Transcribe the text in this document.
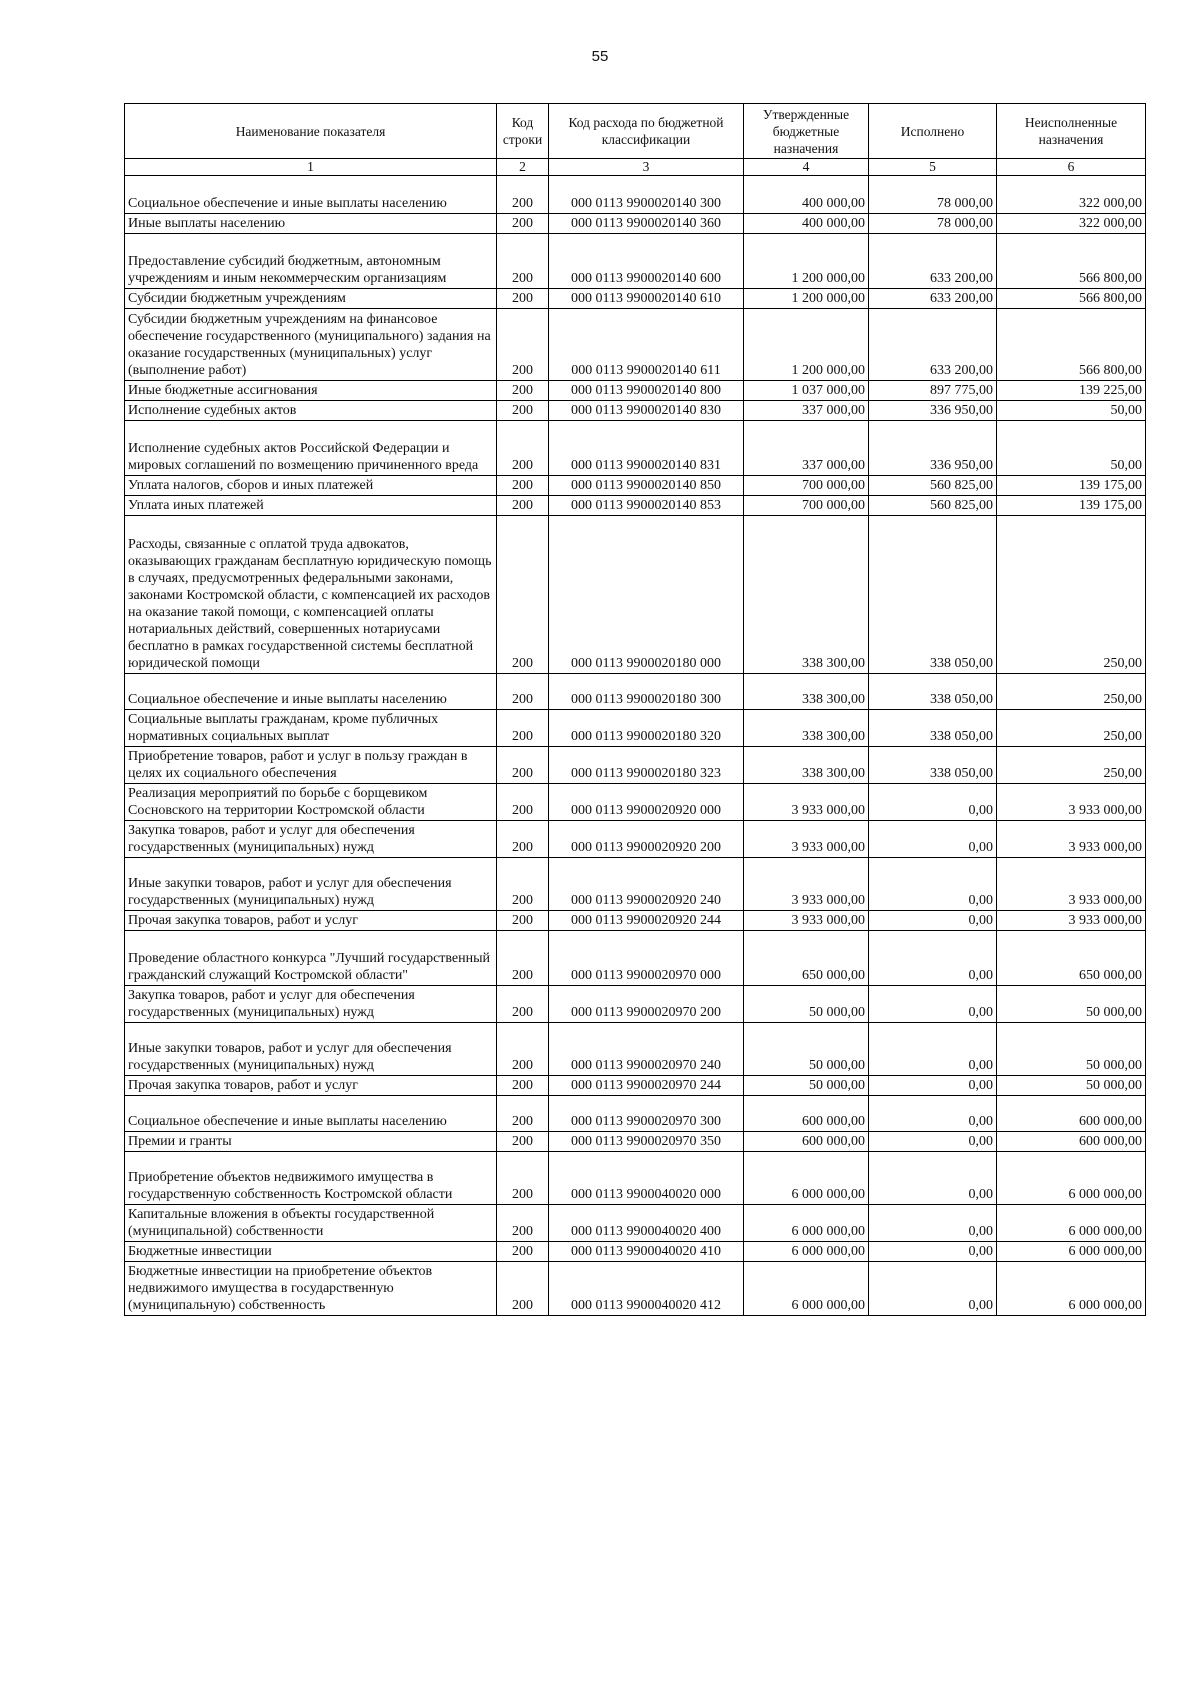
55
Наименование показателя	Код строки	Код расхода по бюджетной классификации	Утвержденные бюджетные назначения	Исполнено	Неисполненные назначения
1	2	3	4	5	6
Социальное обеспечение и иные выплаты населению	200	000 0113 9900020140 300	400 000,00	78 000,00	322 000,00
Иные выплаты населению	200	000 0113 9900020140 360	400 000,00	78 000,00	322 000,00
Предоставление субсидий бюджетным, автономным учреждениям и иным некоммерческим организациям	200	000 0113 9900020140 600	1 200 000,00	633 200,00	566 800,00
Субсидии бюджетным учреждениям	200	000 0113 9900020140 610	1 200 000,00	633 200,00	566 800,00
Субсидии бюджетным учреждениям на финансовое обеспечение государственного (муниципального) задания на оказание государственных (муниципальных) услуг (выполнение работ)	200	000 0113 9900020140 611	1 200 000,00	633 200,00	566 800,00
Иные бюджетные ассигнования	200	000 0113 9900020140 800	1 037 000,00	897 775,00	139 225,00
Исполнение судебных актов	200	000 0113 9900020140 830	337 000,00	336 950,00	50,00
Исполнение судебных актов Российской Федерации и мировых соглашений по возмещению причиненного вреда	200	000 0113 9900020140 831	337 000,00	336 950,00	50,00
Уплата налогов, сборов и иных платежей	200	000 0113 9900020140 850	700 000,00	560 825,00	139 175,00
Уплата иных платежей	200	000 0113 9900020140 853	700 000,00	560 825,00	139 175,00
Расходы, связанные с оплатой труда адвокатов, оказывающих гражданам бесплатную юридическую помощь в случаях, предусмотренных федеральными законами, законами Костромской области, с компенсацией их расходов на оказание такой помощи, с компенсацией оплаты нотариальных действий, совершенных нотариусами бесплатно в рамках государственной системы бесплатной юридической помощи	200	000 0113 9900020180 000	338 300,00	338 050,00	250,00
Социальное обеспечение и иные выплаты населению	200	000 0113 9900020180 300	338 300,00	338 050,00	250,00
Социальные выплаты гражданам, кроме публичных нормативных социальных выплат	200	000 0113 9900020180 320	338 300,00	338 050,00	250,00
Приобретение товаров, работ и услуг в пользу граждан в целях их социального обеспечения	200	000 0113 9900020180 323	338 300,00	338 050,00	250,00
Реализация мероприятий по борьбе с борщевиком Сосновского на территории Костромской области	200	000 0113 9900020920 000	3 933 000,00	0,00	3 933 000,00
Закупка товаров, работ и услуг для обеспечения государственных (муниципальных) нужд	200	000 0113 9900020920 200	3 933 000,00	0,00	3 933 000,00
Иные закупки товаров, работ и услуг для обеспечения государственных (муниципальных) нужд	200	000 0113 9900020920 240	3 933 000,00	0,00	3 933 000,00
Прочая закупка товаров, работ и услуг	200	000 0113 9900020920 244	3 933 000,00	0,00	3 933 000,00
Проведение областного конкурса "Лучший государственный гражданский служащий Костромской области"	200	000 0113 9900020970 000	650 000,00	0,00	650 000,00
Закупка товаров, работ и услуг для обеспечения государственных (муниципальных) нужд	200	000 0113 9900020970 200	50 000,00	0,00	50 000,00
Иные закупки товаров, работ и услуг для обеспечения государственных (муниципальных) нужд	200	000 0113 9900020970 240	50 000,00	0,00	50 000,00
Прочая закупка товаров, работ и услуг	200	000 0113 9900020970 244	50 000,00	0,00	50 000,00
Социальное обеспечение и иные выплаты населению	200	000 0113 9900020970 300	600 000,00	0,00	600 000,00
Премии и гранты	200	000 0113 9900020970 350	600 000,00	0,00	600 000,00
Приобретение объектов недвижимого имущества в государственную собственность Костромской области	200	000 0113 9900040020 000	6 000 000,00	0,00	6 000 000,00
Капитальные вложения в объекты государственной (муниципальной) собственности	200	000 0113 9900040020 400	6 000 000,00	0,00	6 000 000,00
Бюджетные инвестиции	200	000 0113 9900040020 410	6 000 000,00	0,00	6 000 000,00
Бюджетные инвестиции на приобретение объектов недвижимого имущества в государственную (муниципальную) собственность	200	000 0113 9900040020 412	6 000 000,00	0,00	6 000 000,00
